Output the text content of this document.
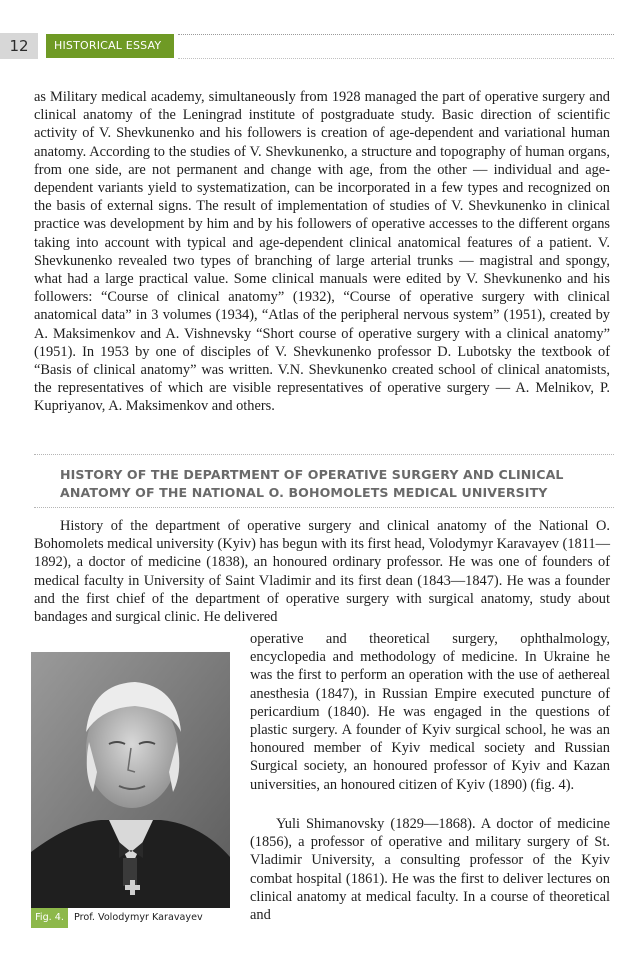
12	HISTORICAL ESSAY

as Military medical academy, simultaneously from 1928 managed the part of operative surgery and clinical anatomy of the Leningrad institute of postgraduate study. Basic direction of scientific activity of V. Shevkunenko and his followers is creation of age-dependent and variational human anatomy. According to the studies of V. Shevkunenko, a structure and topography of human organs, from one side, are not permanent and change with age, from the other — individual and age-dependent variants yield to systematization, can be incorporated in a few types and recognized on the basis of external signs. The result of implementation of studies of V. Shevkunenko in clinical practice was development by him and by his followers of operative accesses to the different organs taking into account with typical and age-dependent clinical anatomical features of a patient. V. Shevkunenko revealed two types of branching of large arterial trunks — magistral and spongy, what had a large practical value. Some clinical manuals were edited by V. Shevkunenko and his followers: “Course of clinical anatomy” (1932), “Course of operative surgery with clinical anatomical data” in 3 volumes (1934), “Atlas of the peripheral nervous system” (1951), created by A. Maksimenkov and A. Vishnevsky “Short course of operative surgery with a clinical anatomy” (1951). In 1953 by one of disciples of V. Shevkunenko professor D. Lubotsky the textbook of “Basis of clinical anatomy” was written. V.N. Shevkunenko created school of clinical anatomists, the representatives of which are visible representatives of operative surgery — A. Melnikov, P. Kupriyanov, A. Maksimenkov and others.

HISTORY OF THE DEPARTMENT OF OPERATIVE SURGERY AND CLINICAL ANATOMY OF THE NATIONAL O. BOHOMOLETS MEDICAL UNIVERSITY

History of the department of operative surgery and clinical anatomy of the National O. Bohomolets medical university (Kyiv) has begun with its first head, Volodymyr Karavayev (1811—1892), a doctor of medicine (1838), an honoured ordinary professor. He was one of founders of medical faculty in University of Saint Vladimir and its first dean (1843—1847). He was a founder and the first chief of the department of operative surgery with surgical anatomy, study about bandages and surgical clinic. He delivered

Fig. 4.	Prof. Volodymyr Karavayev

operative and theoretical surgery, ophthalmology, encyclopedia and methodology of medicine. In Ukraine he was the first to perform an operation with the use of aethereal anesthesia (1847), in Russian Empire executed puncture of pericardium (1840). He was engaged in the questions of plastic surgery. A founder of Kyiv surgical school, he was an honoured member of Kyiv medical society and Russian Surgical society, an honoured professor of Kyiv and Kazan universities, an honoured citizen of Kyiv (1890) (fig. 4).

Yuli Shimanovsky (1829—1868). A doctor of medicine (1856), a professor of operative and military surgery of St. Vladimir University, a consulting professor of the Kyiv combat hospital (1861). He was the first to deliver lectures on clinical anatomy at medical faculty. In a course of theoretical and
